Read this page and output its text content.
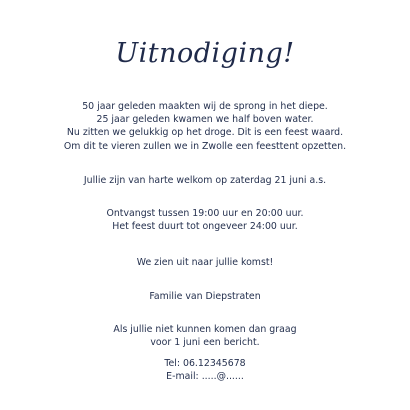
Uitnodiging!
50 jaar geleden maakten wij de sprong in het diepe.
25 jaar geleden kwamen we half boven water.
Nu zitten we gelukkig op het droge. Dit is een feest waard.
Om dit te vieren zullen we in Zwolle een feesttent opzetten.
Jullie zijn van harte welkom op zaterdag 21 juni a.s.
Ontvangst tussen 19:00 uur en 20:00 uur.
Het feest duurt tot ongeveer 24:00 uur.
We zien uit naar jullie komst!
Familie van Diepstraten
Als jullie niet kunnen komen dan graag
voor 1 juni een bericht.
Tel: 06.12345678
E-mail: .....@......
